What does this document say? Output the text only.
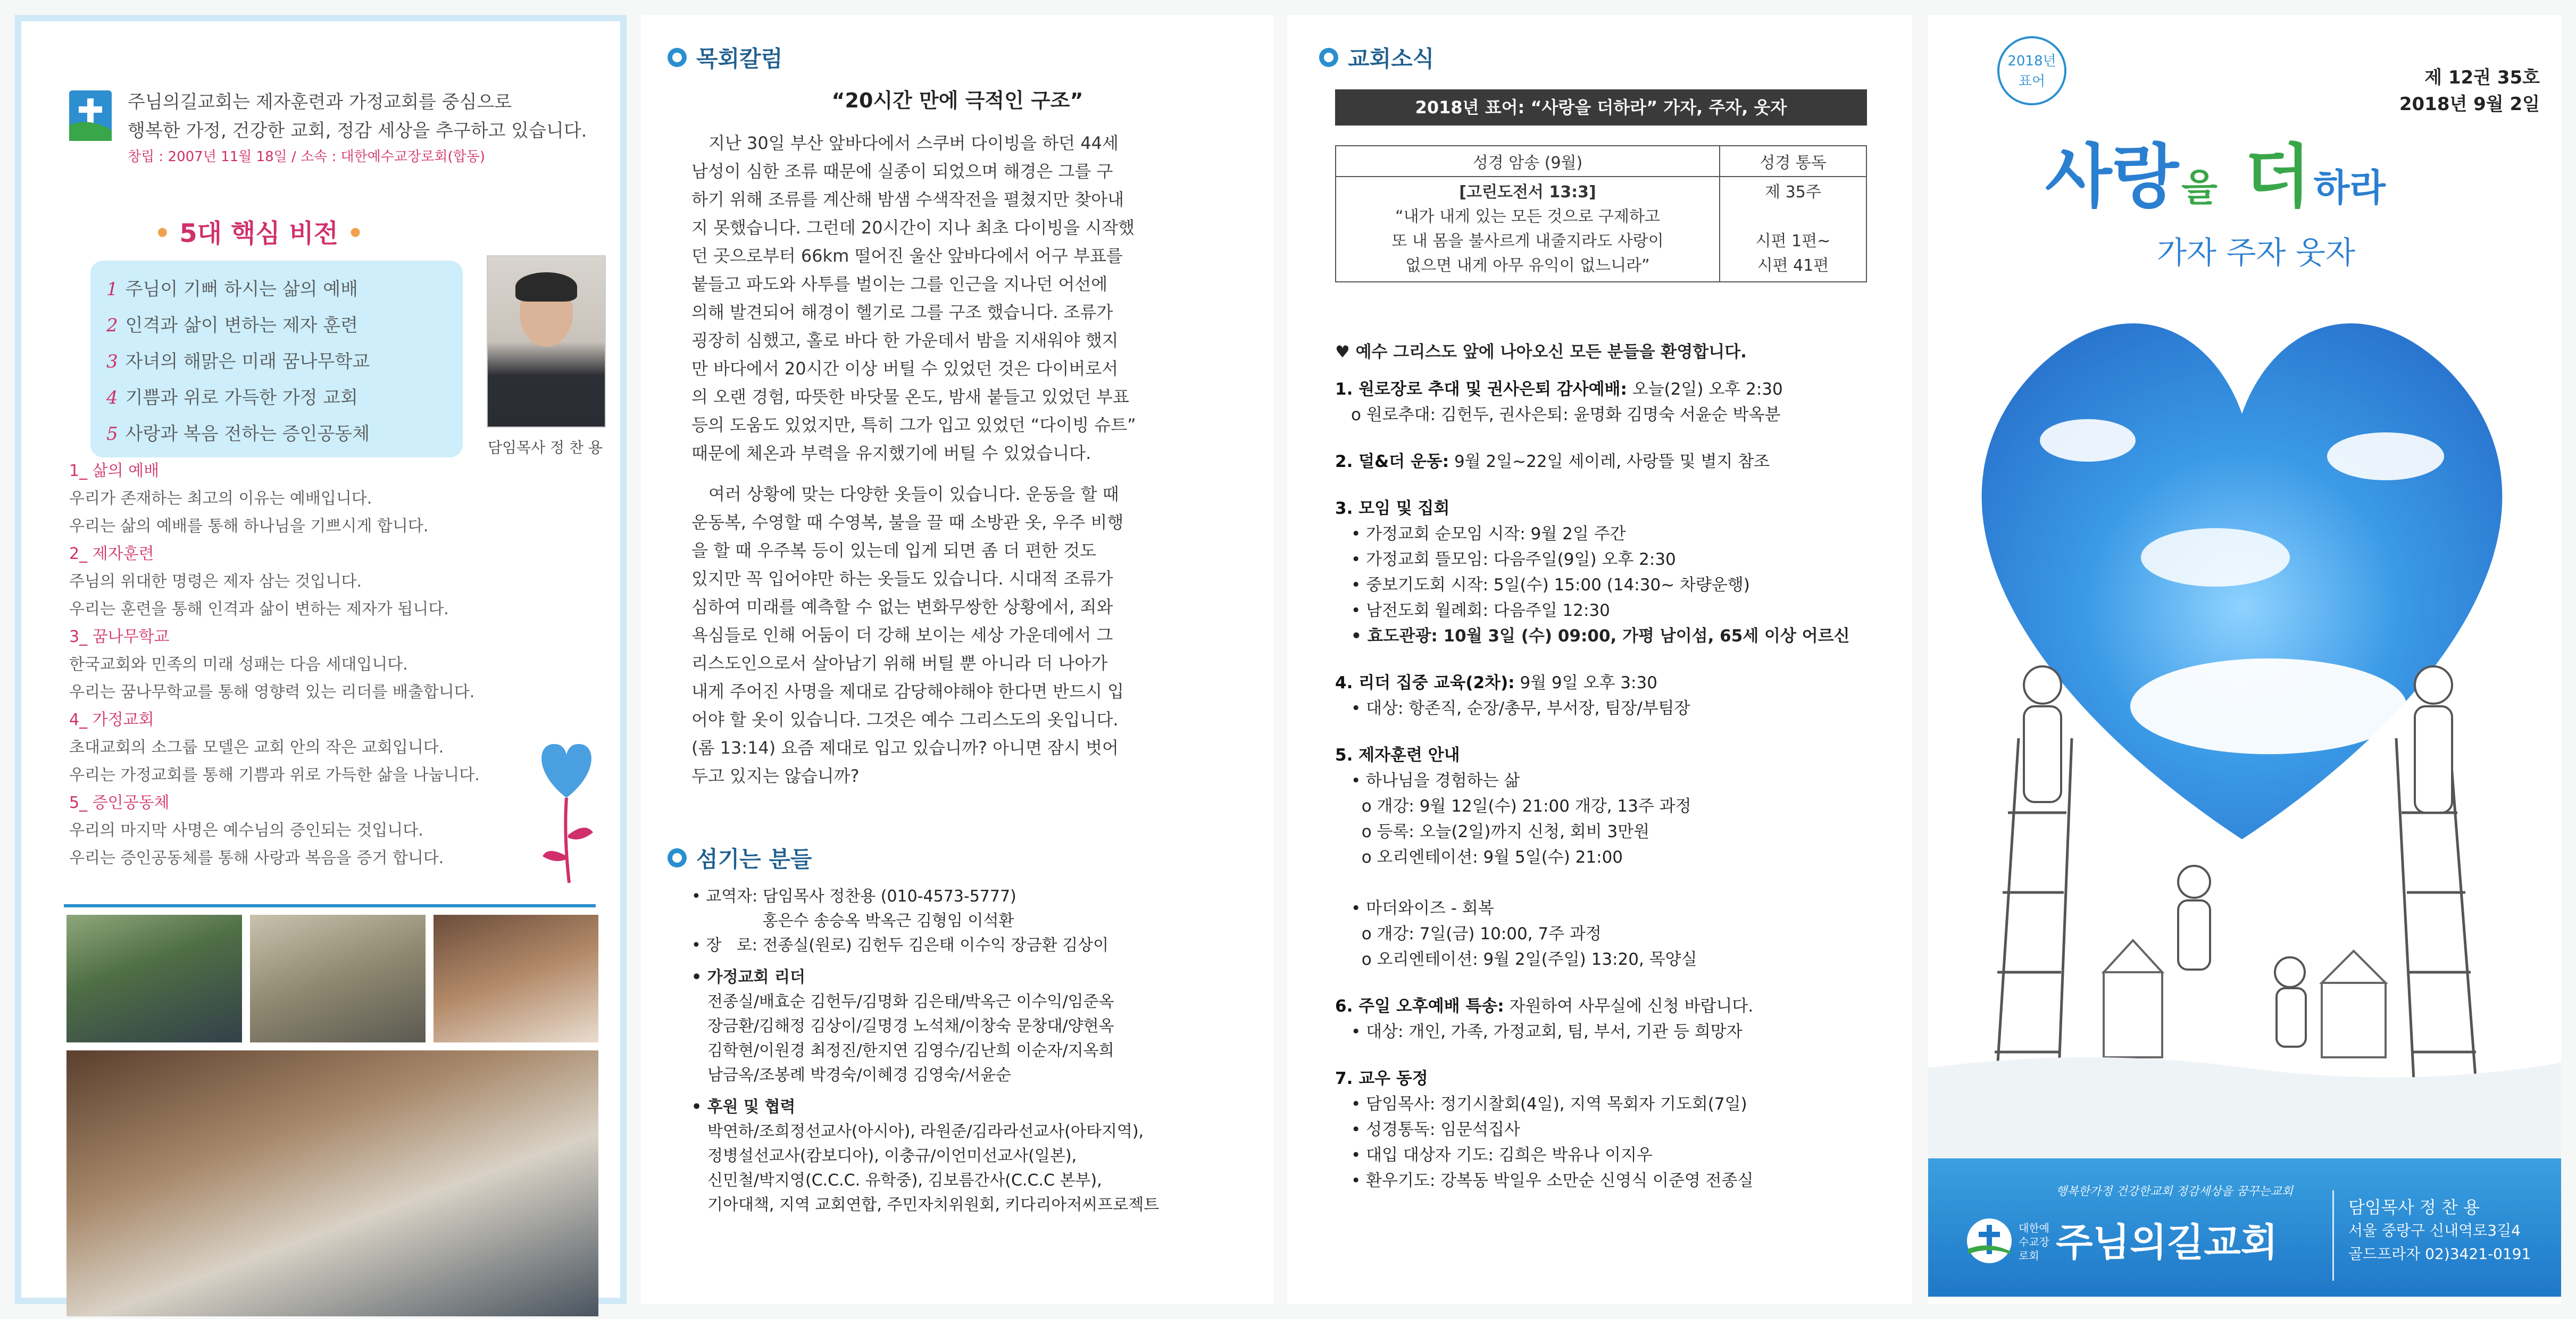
주님의길교회는 제자훈련과 가정교회를 중심으로
행복한 가정, 건강한 교회, 정감 세상을 추구하고 있습니다.
창립 : 2007년 11월 18일 / 소속 : 대한예수교장로회(합동)
• 5대 핵심 비전 •
1 주님이 기뻐 하시는 삶의 예배
2 인격과 삶이 변하는 제자 훈련
3 자녀의 해맑은 미래 꿈나무학교
4 기쁨과 위로 가득한 가정 교회
5 사랑과 복음 전하는 증인공동체
담임목사 정 찬 용
1_ 삶의 예배
우리가 존재하는 최고의 이유는 예배입니다.
우리는 삶의 예배를 통해 하나님을 기쁘시게 합니다.
2_ 제자훈련
주님의 위대한 명령은 제자 삼는 것입니다.
우리는 훈련을 통해 인격과 삶이 변하는 제자가 됩니다.
3_ 꿈나무학교
한국교회와 민족의 미래 성패는 다음 세대입니다.
우리는 꿈나무학교를 통해 영향력 있는 리더를 배출합니다.
4_ 가정교회
초대교회의 소그룹 모델은 교회 안의 작은 교회입니다.
우리는 가정교회를 통해 기쁨과 위로 가득한 삶을 나눕니다.
5_ 증인공동체
우리의 마지막 사명은 예수님의 증인되는 것입니다.
우리는 증인공동체를 통해 사랑과 복음을 증거 합니다.
목회칼럼
“20시간 만에 극적인 구조”
지난 30일 부산 앞바다에서 스쿠버 다이빙을 하던 44세
남성이 심한 조류 때문에 실종이 되었으며 해경은 그를 구
하기 위해 조류를 계산해 밤샘 수색작전을 펼쳤지만 찾아내
지 못했습니다. 그런데 20시간이 지나 최초 다이빙을 시작했
던 곳으로부터 66km 떨어진 울산 앞바다에서 어구 부표를
붙들고 파도와 사투를 벌이는 그를 인근을 지나던 어선에
의해 발견되어 해경이 헬기로 그를 구조 했습니다. 조류가
굉장히 심했고, 홀로 바다 한 가운데서 밤을 지새워야 했지
만 바다에서 20시간 이상 버틸 수 있었던 것은 다이버로서
의 오랜 경험, 따뜻한 바닷물 온도, 밤새 붙들고 있었던 부표
등의 도움도 있었지만, 특히 그가 입고 있었던 “다이빙 슈트”
때문에 체온과 부력을 유지했기에 버틸 수 있었습니다.
여러 상황에 맞는 다양한 옷들이 있습니다. 운동을 할 때
운동복, 수영할 때 수영복, 불을 끌 때 소방관 옷, 우주 비행
을 할 때 우주복 등이 있는데 입게 되면 좀 더 편한 것도
있지만 꼭 입어야만 하는 옷들도 있습니다. 시대적 조류가
심하여 미래를 예측할 수 없는 변화무쌍한 상황에서, 죄와
욕심들로 인해 어둠이 더 강해 보이는 세상 가운데에서 그
리스도인으로서 살아남기 위해 버틸 뿐 아니라 더 나아가
내게 주어진 사명을 제대로 감당해야해야 한다면 반드시 입
어야 할 옷이 있습니다. 그것은 예수 그리스도의 옷입니다.
(롬 13:14) 요즘 제대로 입고 있습니까? 아니면 잠시 벗어
두고 있지는 않습니까?
섬기는 분들
• 교역자: 담임목사 정찬용 (010-4573-5777)
홍은수 송승옥 박옥근 김형임 이석환
• 장   로: 전종실(원로) 김헌두 김은태 이수익 장금환 김상이
• 가정교회 리더
전종실/배효순 김헌두/김명화 김은태/박옥근 이수익/임준옥
장금환/김해정 김상이/길명경 노석채/이창숙 문창대/양현옥
김학현/이원경 최정진/한지연 김영수/김난희 이순자/지옥희
남금옥/조봉례 박경숙/이혜경 김영숙/서윤순
• 후원 및 협력
박연하/조희정선교사(아시아), 라원준/김라라선교사(아타지역),
정병설선교사(캄보디아), 이충규/이언미선교사(일본),
신민철/박지영(C.C.C. 유학중), 김보름간사(C.C.C 본부),
기아대책, 지역 교회연합, 주민자치위원회, 키다리아저씨프로젝트
교회소식
2018년 표어: “사랑을 더하라” 가자, 주자, 웃자
성경 암송 (9월)	성경 통독
[고린도전서 13:3]
“내가 내게 있는 모든 것으로 구제하고
또 내 몸을 불사르게 내줄지라도 사랑이
없으면 내게 아무 유익이 없느니라”	제 35주

시편 1편~
시편 41편
♥ 예수 그리스도 앞에 나아오신 모든 분들을 환영합니다.
1. 원로장로 추대 및 권사은퇴 감사예배: 오늘(2일) 오후 2:30
o 원로추대: 김헌두, 권사은퇴: 윤명화 김명숙 서윤순 박옥분
2. 덜&더 운동: 9월 2일~22일 세이레, 사랑뜰 및 별지 참조
3. 모임 및 집회
• 가정교회 순모임 시작: 9월 2일 주간
• 가정교회 뜰모임: 다음주일(9일) 오후 2:30
• 중보기도회 시작: 5일(수) 15:00 (14:30~ 차량운행)
• 남전도회 월례회: 다음주일 12:30
• 효도관광: 10월 3일 (수) 09:00, 가평 남이섬, 65세 이상 어르신
4. 리더 집중 교육(2차): 9월 9일 오후 3:30
• 대상: 항존직, 순장/총무, 부서장, 팀장/부팀장
5. 제자훈련 안내
• 하나님을 경험하는 삶
o 개강: 9월 12일(수) 21:00 개강, 13주 과정
o 등록: 오늘(2일)까지 신청, 회비 3만원
o 오리엔테이션: 9월 5일(수) 21:00
• 마더와이즈 - 회복
o 개강: 7일(금) 10:00, 7주 과정
o 오리엔테이션: 9월 2일(주일) 13:20, 목양실
6. 주일 오후예배 특송: 자원하여 사무실에 신청 바랍니다.
• 대상: 개인, 가족, 가정교회, 팀, 부서, 기관 등 희망자
7. 교우 동정
• 담임목사: 정기시찰회(4일), 지역 목회자 기도회(7일)
• 성경통독: 임문석집사
• 대입 대상자 기도: 김희은 박유나 이지우
• 환우기도: 강복동 박일우 소만순 신영식 이준영 전종실
2018년
표어	제 12권 35호
2018년 9월 2일
사랑 을 더 하라
가자 주자 웃자
행복한가정 건강한교회 정감세상을 꿈꾸는교회
대한예수교장로회 주님의길교회
담임목사 정 찬 용
서울 중랑구 신내역로3길4
골드프라자 02)3421-0191
